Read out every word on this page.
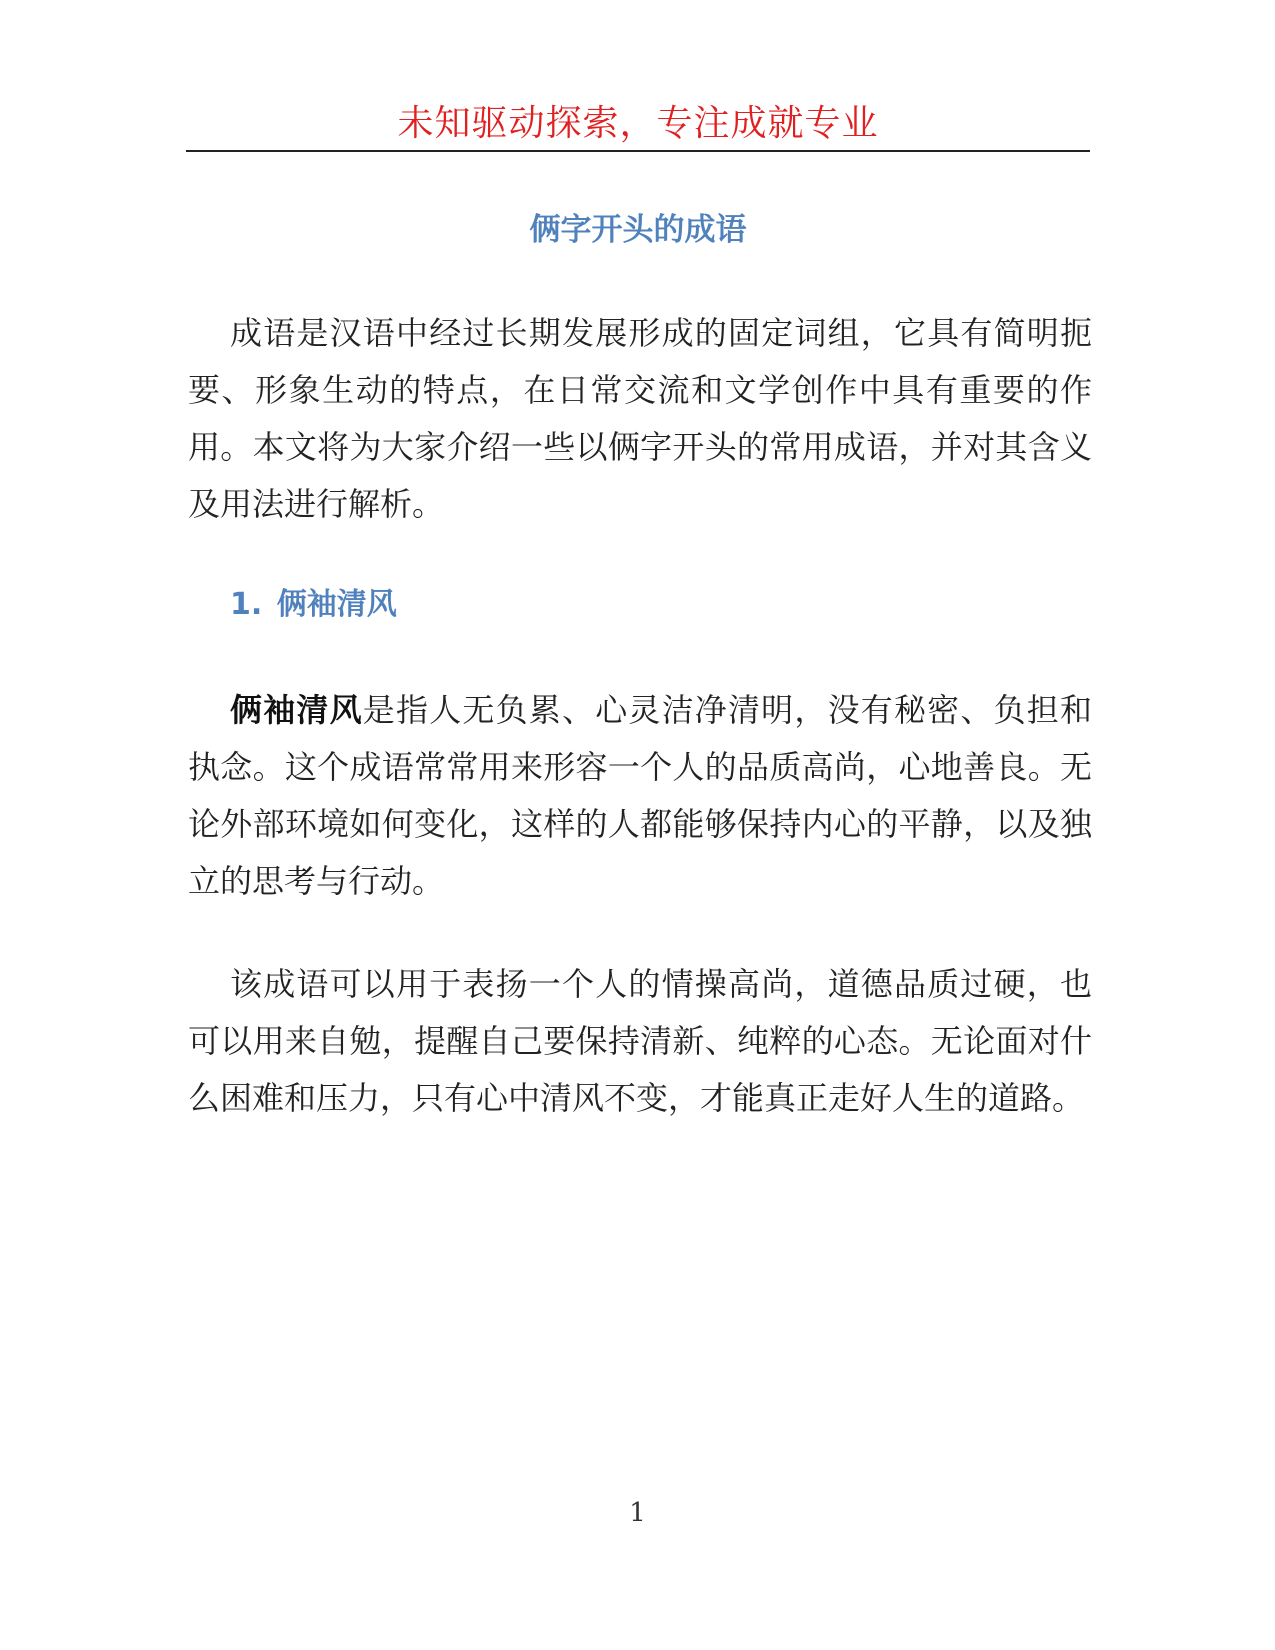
未知驱动探索，专注成就专业
俩字开头的成语

成语是汉语中经过长期发展形成的固定词组，它具有简明扼要、形象生动的特点，在日常交流和文学创作中具有重要的作用。本文将为大家介绍一些以俩字开头的常用成语，并对其含义及用法进行解析。

1. 俩袖清风

俩袖清风是指人无负累、心灵洁净清明，没有秘密、负担和执念。这个成语常常用来形容一个人的品质高尚，心地善良。无论外部环境如何变化，这样的人都能够保持内心的平静，以及独立的思考与行动。

该成语可以用于表扬一个人的情操高尚，道德品质过硬，也可以用来自勉，提醒自己要保持清新、纯粹的心态。无论面对什么困难和压力，只有心中清风不变，才能真正走好人生的道路。

1
